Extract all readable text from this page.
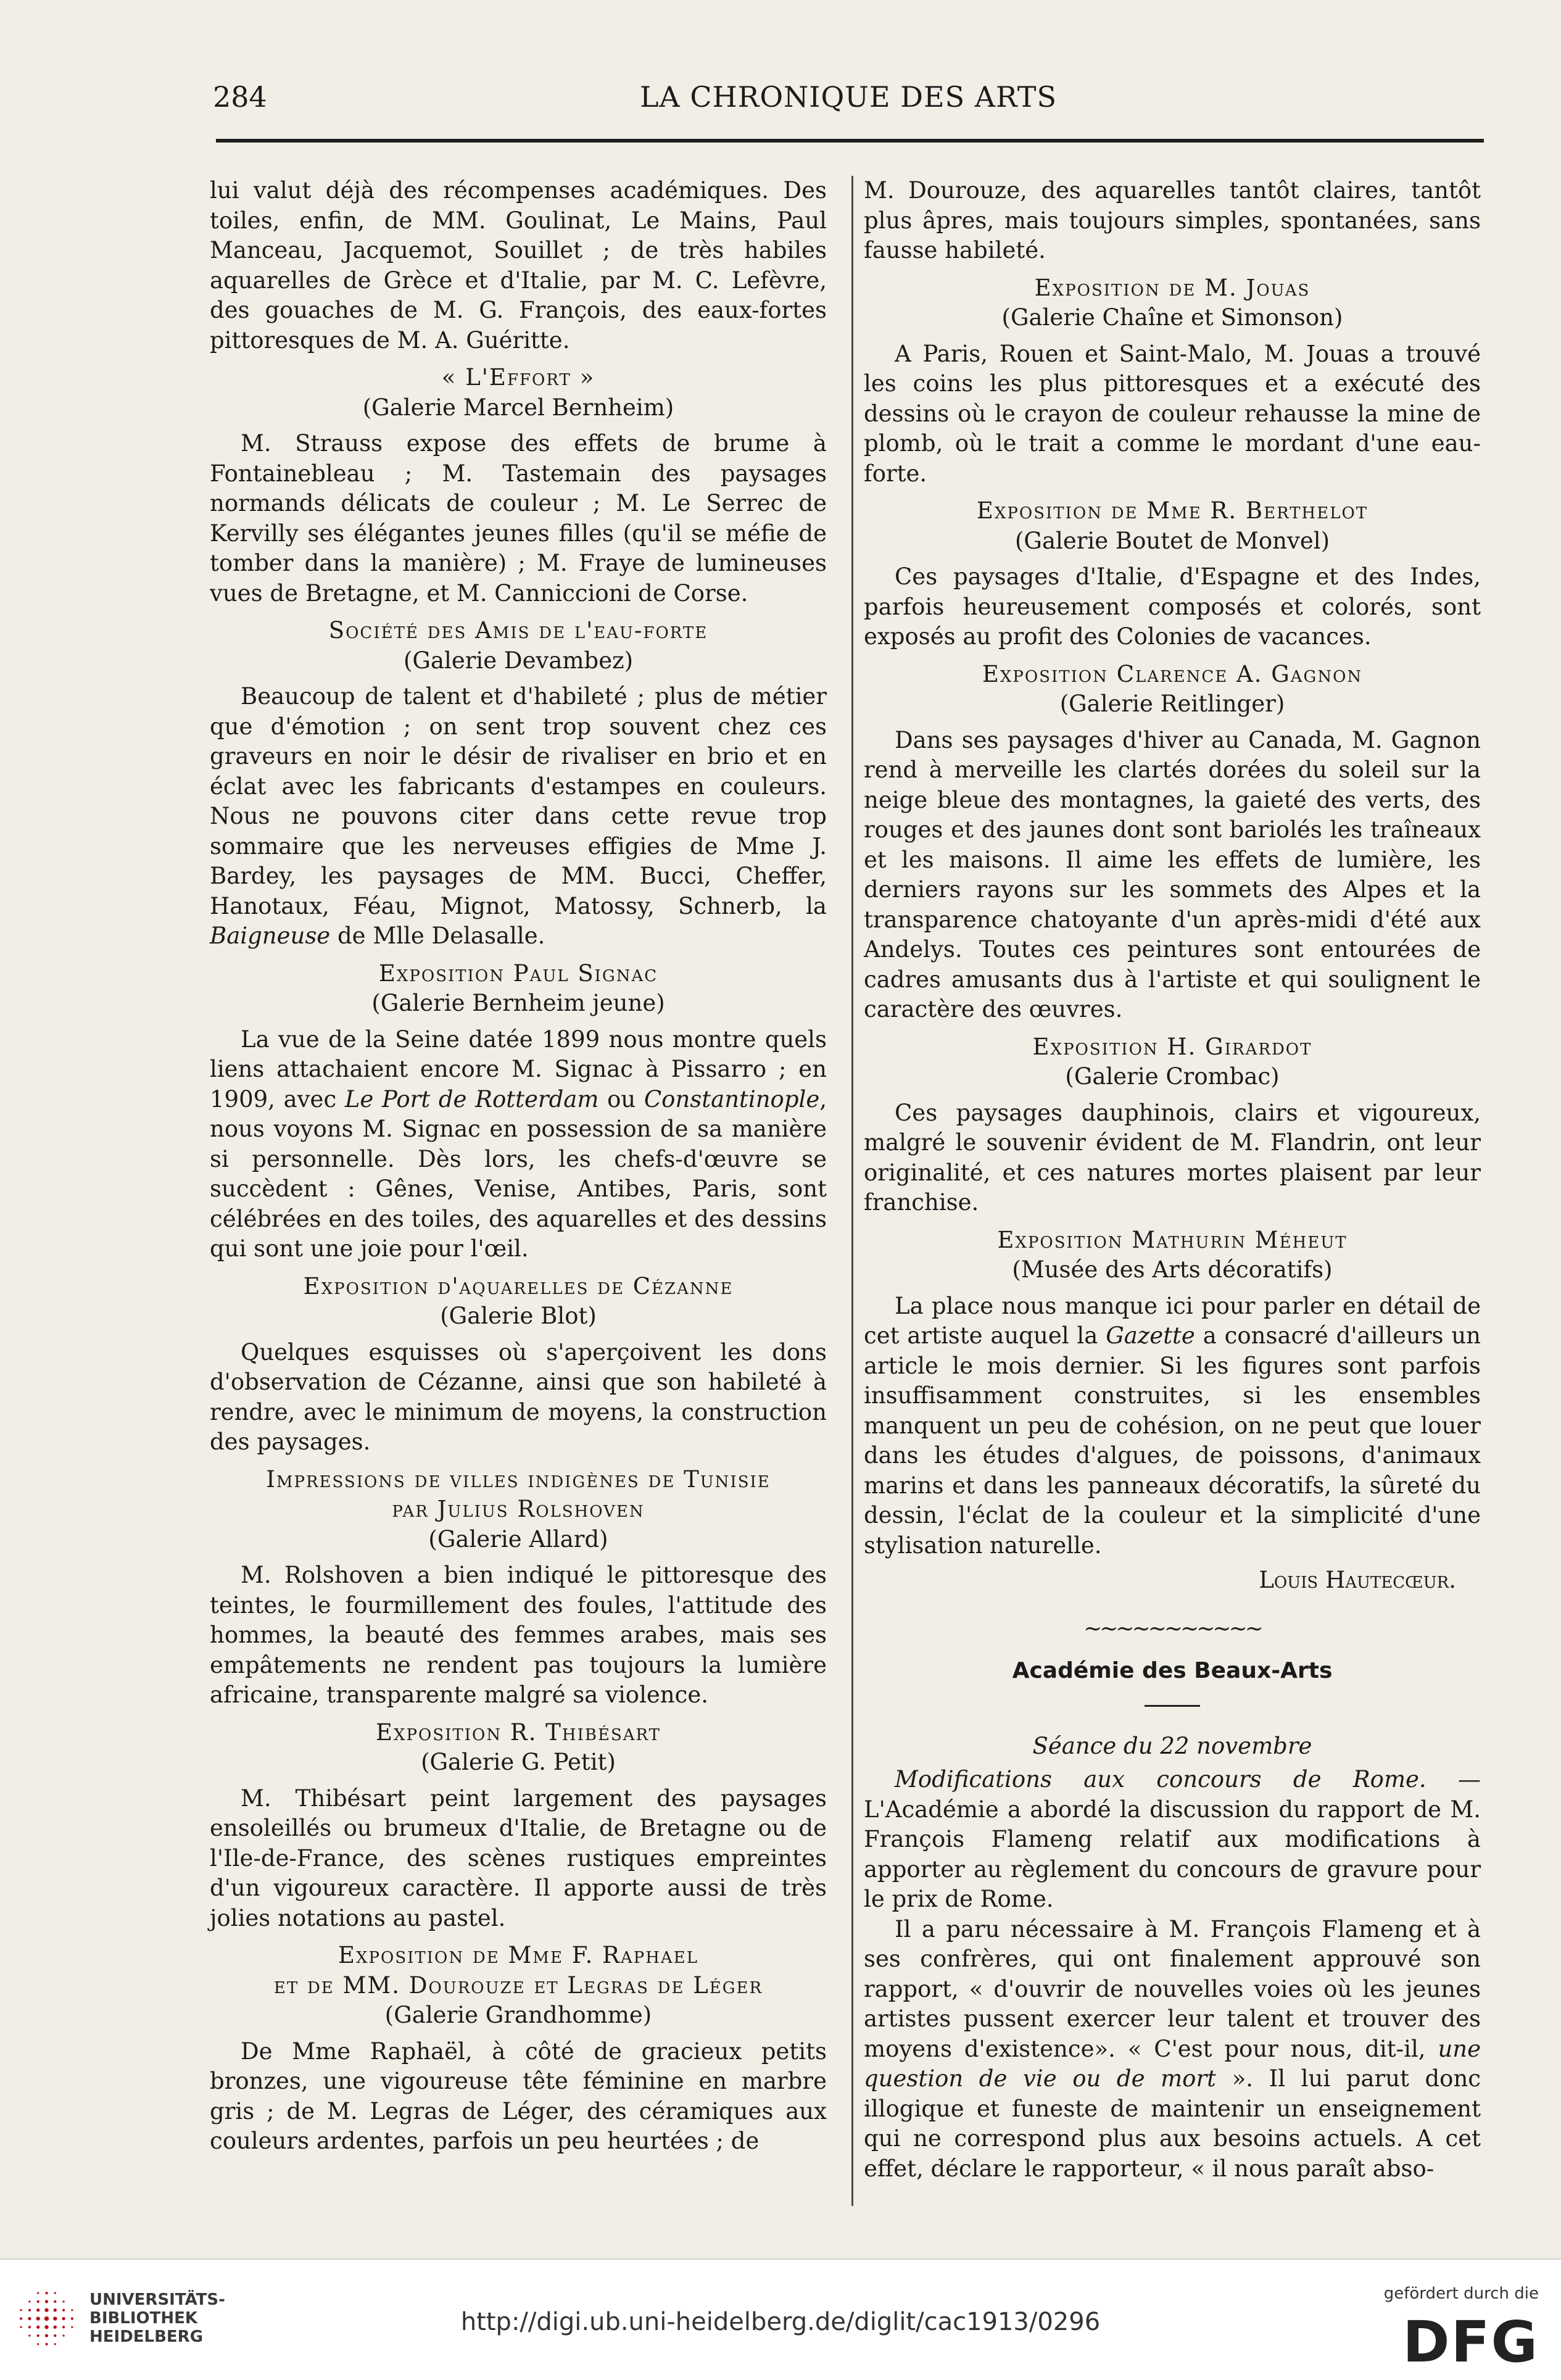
284	LA CHRONIQUE DES ARTS

lui valut déjà des récompenses académiques. Des toiles, enfin, de MM. Goulinat, Le Mains, Paul Manceau, Jacquemot, Souillet ; de très habiles aquarelles de Grèce et d'Italie, par M. C. Lefèvre, des gouaches de M. G. François, des eaux-fortes pittoresques de M. A. Guéritte.

« L'Effort »
(Galerie Marcel Bernheim)

M. Strauss expose des effets de brume à Fontainebleau ; M. Tastemain des paysages normands délicats de couleur ; M. Le Serrec de Kervilly ses élégantes jeunes filles (qu'il se méfie de tomber dans la manière) ; M. Fraye de lumineuses vues de Bretagne, et M. Canniccioni de Corse.

Société des Amis de l'eau-forte
(Galerie Devambez)

Beaucoup de talent et d'habileté ; plus de métier que d'émotion ; on sent trop souvent chez ces graveurs en noir le désir de rivaliser en brio et en éclat avec les fabricants d'estampes en couleurs. Nous ne pouvons citer dans cette revue trop sommaire que les nerveuses effigies de Mme J. Bardey, les paysages de MM. Bucci, Cheffer, Hanotaux, Féau, Mignot, Matossy, Schnerb, la Baigneuse de Mlle Delasalle.

Exposition Paul Signac
(Galerie Bernheim jeune)

La vue de la Seine datée 1899 nous montre quels liens attachaient encore M. Signac à Pissarro ; en 1909, avec Le Port de Rotterdam ou Constantinople, nous voyons M. Signac en possession de sa manière si personnelle. Dès lors, les chefs-d'œuvre se succèdent : Gênes, Venise, Antibes, Paris, sont célébrées en des toiles, des aquarelles et des dessins qui sont une joie pour l'œil.

Exposition d'aquarelles de Cézanne
(Galerie Blot)

Quelques esquisses où s'aperçoivent les dons d'observation de Cézanne, ainsi que son habileté à rendre, avec le minimum de moyens, la construction des paysages.

Impressions de villes indigènes de Tunisie
par Julius Rolshoven
(Galerie Allard)

M. Rolshoven a bien indiqué le pittoresque des teintes, le fourmillement des foules, l'attitude des hommes, la beauté des femmes arabes, mais ses empâtements ne rendent pas toujours la lumière africaine, transparente malgré sa violence.

Exposition R. Thibésart
(Galerie G. Petit)

M. Thibésart peint largement des paysages ensoleillés ou brumeux d'Italie, de Bretagne ou de l'Ile-de-France, des scènes rustiques empreintes d'un vigoureux caractère. Il apporte aussi de très jolies notations au pastel.

Exposition de Mme F. Raphael
et de MM. Dourouze et Legras de Léger
(Galerie Grandhomme)

De Mme Raphaël, à côté de gracieux petits bronzes, une vigoureuse tête féminine en marbre gris ; de M. Legras de Léger, des céramiques aux couleurs ardentes, parfois un peu heurtées ; de

M. Dourouze, des aquarelles tantôt claires, tantôt plus âpres, mais toujours simples, spontanées, sans fausse habileté.

Exposition de M. Jouas
(Galerie Chaîne et Simonson)

A Paris, Rouen et Saint-Malo, M. Jouas a trouvé les coins les plus pittoresques et a exécuté des dessins où le crayon de couleur rehausse la mine de plomb, où le trait a comme le mordant d'une eau-forte.

Exposition de Mme R. Berthelot
(Galerie Boutet de Monvel)

Ces paysages d'Italie, d'Espagne et des Indes, parfois heureusement composés et colorés, sont exposés au profit des Colonies de vacances.

Exposition Clarence A. Gagnon
(Galerie Reitlinger)

Dans ses paysages d'hiver au Canada, M. Gagnon rend à merveille les clartés dorées du soleil sur la neige bleue des montagnes, la gaieté des verts, des rouges et des jaunes dont sont bariolés les traîneaux et les maisons. Il aime les effets de lumière, les derniers rayons sur les sommets des Alpes et la transparence chatoyante d'un après-midi d'été aux Andelys. Toutes ces peintures sont entourées de cadres amusants dus à l'artiste et qui soulignent le caractère des œuvres.

Exposition H. Girardot
(Galerie Crombac)

Ces paysages dauphinois, clairs et vigoureux, malgré le souvenir évident de M. Flandrin, ont leur originalité, et ces natures mortes plaisent par leur franchise.

Exposition Mathurin Méheut
(Musée des Arts décoratifs)

La place nous manque ici pour parler en détail de cet artiste auquel la Gazette a consacré d'ailleurs un article le mois dernier. Si les figures sont parfois insuffisamment construites, si les ensembles manquent un peu de cohésion, on ne peut que louer dans les études d'algues, de poissons, d'animaux marins et dans les panneaux décoratifs, la sûreté du dessin, l'éclat de la couleur et la simplicité d'une stylisation naturelle.

Louis Hautecœur.
~~~~~~~~~~~
Académie des Beaux-Arts
Séance du 22 novembre

Modifications aux concours de Rome. — L'Académie a abordé la discussion du rapport de M. François Flameng relatif aux modifications à apporter au règlement du concours de gravure pour le prix de Rome.

Il a paru nécessaire à M. François Flameng et à ses confrères, qui ont finalement approuvé son rapport, « d'ouvrir de nouvelles voies où les jeunes artistes pussent exercer leur talent et trouver des moyens d'existence». « C'est pour nous, dit-il, une question de vie ou de mort ». Il lui parut donc illogique et funeste de maintenir un enseignement qui ne correspond plus aux besoins actuels. A cet effet, déclare le rapporteur, « il nous paraît abso-

UNIVERSITÄTS-
BIBLIOTHEK
HEIDELBERG
http://digi.ub.uni-heidelberg.de/diglit/cac1913/0296
gefördert durch die
DFG
